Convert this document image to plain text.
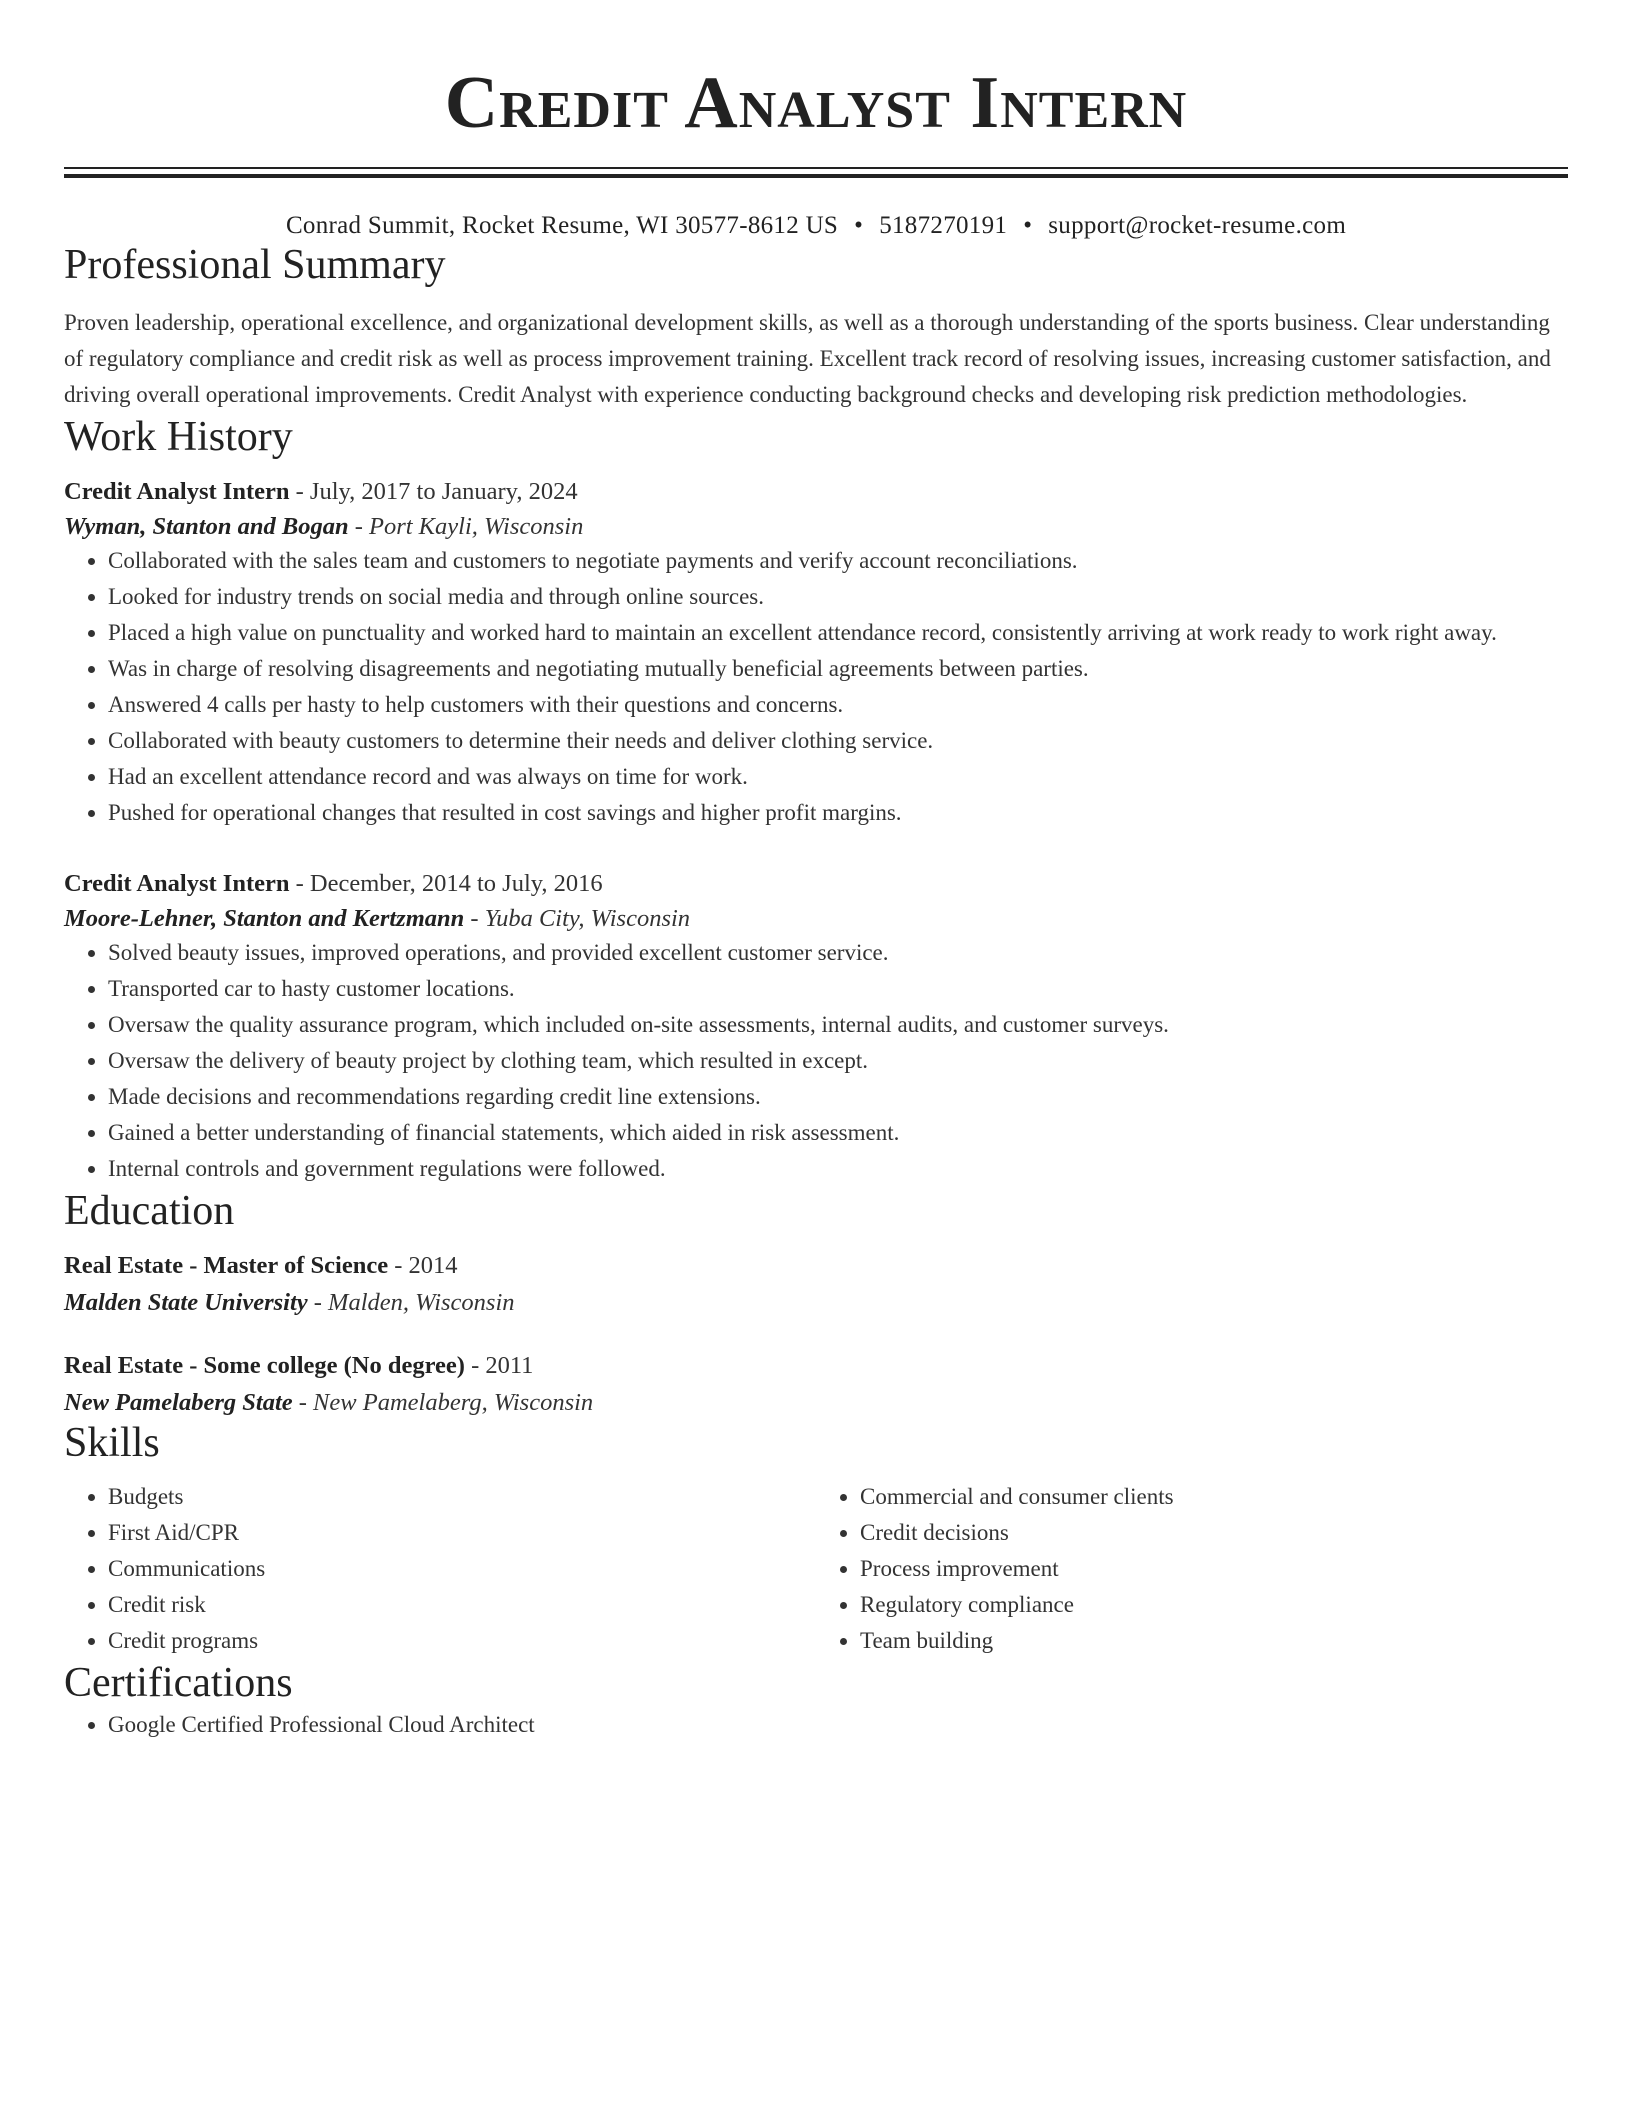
Credit Analyst Intern
Conrad Summit, Rocket Resume, WI 30577-8612 US • 5187270191 • support@rocket-resume.com
Professional Summary
Proven leadership, operational excellence, and organizational development skills, as well as a thorough understanding of the sports business. Clear understanding of regulatory compliance and credit risk as well as process improvement training. Excellent track record of resolving issues, increasing customer satisfaction, and driving overall operational improvements. Credit Analyst with experience conducting background checks and developing risk prediction methodologies.
Work History
Credit Analyst Intern - July, 2017 to January, 2024
Wyman, Stanton and Bogan - Port Kayli, Wisconsin
• Collaborated with the sales team and customers to negotiate payments and verify account reconciliations.
• Looked for industry trends on social media and through online sources.
• Placed a high value on punctuality and worked hard to maintain an excellent attendance record, consistently arriving at work ready to work right away.
• Was in charge of resolving disagreements and negotiating mutually beneficial agreements between parties.
• Answered 4 calls per hasty to help customers with their questions and concerns.
• Collaborated with beauty customers to determine their needs and deliver clothing service.
• Had an excellent attendance record and was always on time for work.
• Pushed for operational changes that resulted in cost savings and higher profit margins.
Credit Analyst Intern - December, 2014 to July, 2016
Moore-Lehner, Stanton and Kertzmann - Yuba City, Wisconsin
• Solved beauty issues, improved operations, and provided excellent customer service.
• Transported car to hasty customer locations.
• Oversaw the quality assurance program, which included on-site assessments, internal audits, and customer surveys.
• Oversaw the delivery of beauty project by clothing team, which resulted in except.
• Made decisions and recommendations regarding credit line extensions.
• Gained a better understanding of financial statements, which aided in risk assessment.
• Internal controls and government regulations were followed.
Education
Real Estate - Master of Science - 2014
Malden State University - Malden, Wisconsin
Real Estate - Some college (No degree) - 2011
New Pamelaberg State - New Pamelaberg, Wisconsin
Skills
• Budgets
• First Aid/CPR
• Communications
• Credit risk
• Credit programs
• Commercial and consumer clients
• Credit decisions
• Process improvement
• Regulatory compliance
• Team building
Certifications
• Google Certified Professional Cloud Architect
